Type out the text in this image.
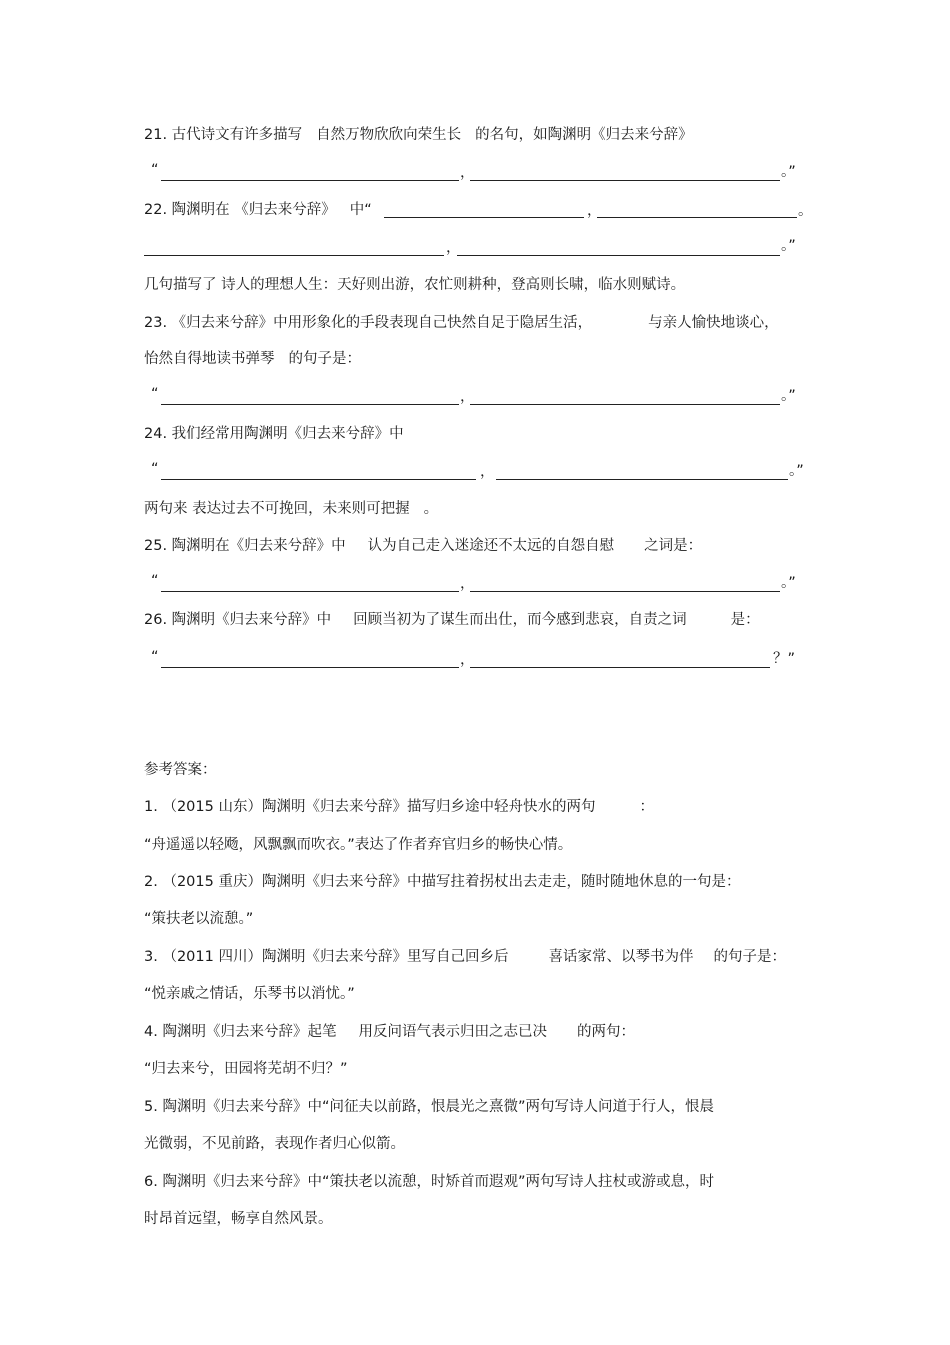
21. 古代诗文有许多描写 自然万物欣欣向荣生长 的名句，如陶渊明《归去来兮辞》
“	，	。”
22. 陶渊明在 《归去来兮辞》 中“	，	。
，	。”
几句描写了 诗人的理想人生：天好则出游，农忙则耕种，登高则长啸，临水则赋诗。
23. 《归去来兮辞》中用形象化的手段表现自己快然自足于隐居生活，	与亲人愉快地谈心，
怡然自得地读书弹琴 的句子是：
“	，	。”
24. 我们经常用陶渊明《归去来兮辞》中
“	，	。”
两句来 表达过去不可挽回，未来则可把握 。
25. 陶渊明在《归去来兮辞》中 认为自己走入迷途还不太远的自怨自慰 之词是：
“	，	。”
26. 陶渊明《归去来兮辞》中 回顾当初为了谋生而出仕，而今感到悲哀，自责之词	是：
“	，	？”
参考答案：
1. （2015 山东）陶渊明《归去来兮辞》描写归乡途中轻舟快水的两句	：
“舟遥遥以轻飏，风飘飘而吹衣。”表达了作者弃官归乡的畅快心情。
2. （2015 重庆）陶渊明《归去来兮辞》中描写拄着拐杖出去走走，随时随地休息的一句是：
“策扶老以流憩。”
3. （2011 四川）陶渊明《归去来兮辞》里写自己回乡后	喜话家常、以琴书为伴 的句子是：
“悦亲戚之情话，乐琴书以消忧。”
4. 陶渊明《归去来兮辞》起笔 用反问语气表示归田之志已决 的两句：
“归去来兮，田园将芜胡不归？”
5. 陶渊明《归去来兮辞》中“问征夫以前路，恨晨光之熹微”两句写诗人问道于行人，恨晨
光微弱，不见前路，表现作者归心似箭。
6. 陶渊明《归去来兮辞》中“策扶老以流憩，时矫首而遐观”两句写诗人拄杖或游或息，时
时昂首远望，畅享自然风景。
